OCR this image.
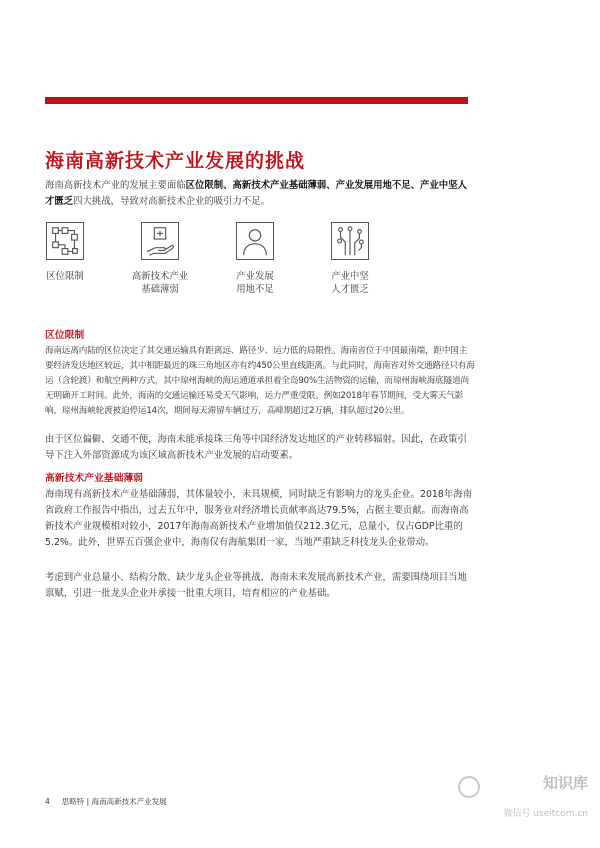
海南高新技术产业发展的挑战
海南高新技术产业的发展主要面临区位限制、高新技术产业基础薄弱、产业发展用地不足、产业中坚人才匮乏四大挑战，导致对高新技术企业的吸引力不足。
区位限制	高新技术产业
基础薄弱
产业发展
用地不足
产业中坚
人才匮乏
区位限制
海南远离内陆的区位决定了其交通运输具有距离远、路径少、运力低的局限性。海南省位于中国最南端，距中国主要经济发达地区较远，其中相距最近的珠三角地区亦有约450公里直线距离。与此同时，海南省对外交通路径只有海运（含轮渡）和航空两种方式，其中琼州海峡的海运通道承担着全岛90%生活物资的运输，而琼州海峡海底隧道尚无明确开工时间。此外，海南的交通运输还易受天气影响，运力严重受限。例如2018年春节期间，受大雾天气影响，琼州海峡轮渡被迫停运14次，期间每天滞留车辆过万，高峰期超过2万辆，排队超过20公里。
由于区位偏僻、交通不便，海南未能承接珠三角等中国经济发达地区的产业转移辐射。因此，在政策引导下注入外部资源成为该区域高新技术产业发展的启动要素。
高新技术产业基础薄弱
海南现有高新技术产业基础薄弱，其体量较小，未具规模，同时缺乏有影响力的龙头企业。2018年海南省政府工作报告中指出，过去五年中，服务业对经济增长贡献率高达79.5%，占据主要贡献。而海南高新技术产业规模相对较小，2017年海南高新技术产业增加值仅212.3亿元，总量小，仅占GDP比重的5.2%。此外，世界五百强企业中，海南仅有海航集团一家，当地严重缺乏科技龙头企业带动。
考虑到产业总量小、结构分散、缺少龙头企业等挑战，海南未来发展高新技术产业，需要围绕项目当地禀赋，引进一批龙头企业并承接一批重大项目，培育相应的产业基础。
4 思略特 | 海南高新技术产业发展
知识库
微信号 useitcom.cn
